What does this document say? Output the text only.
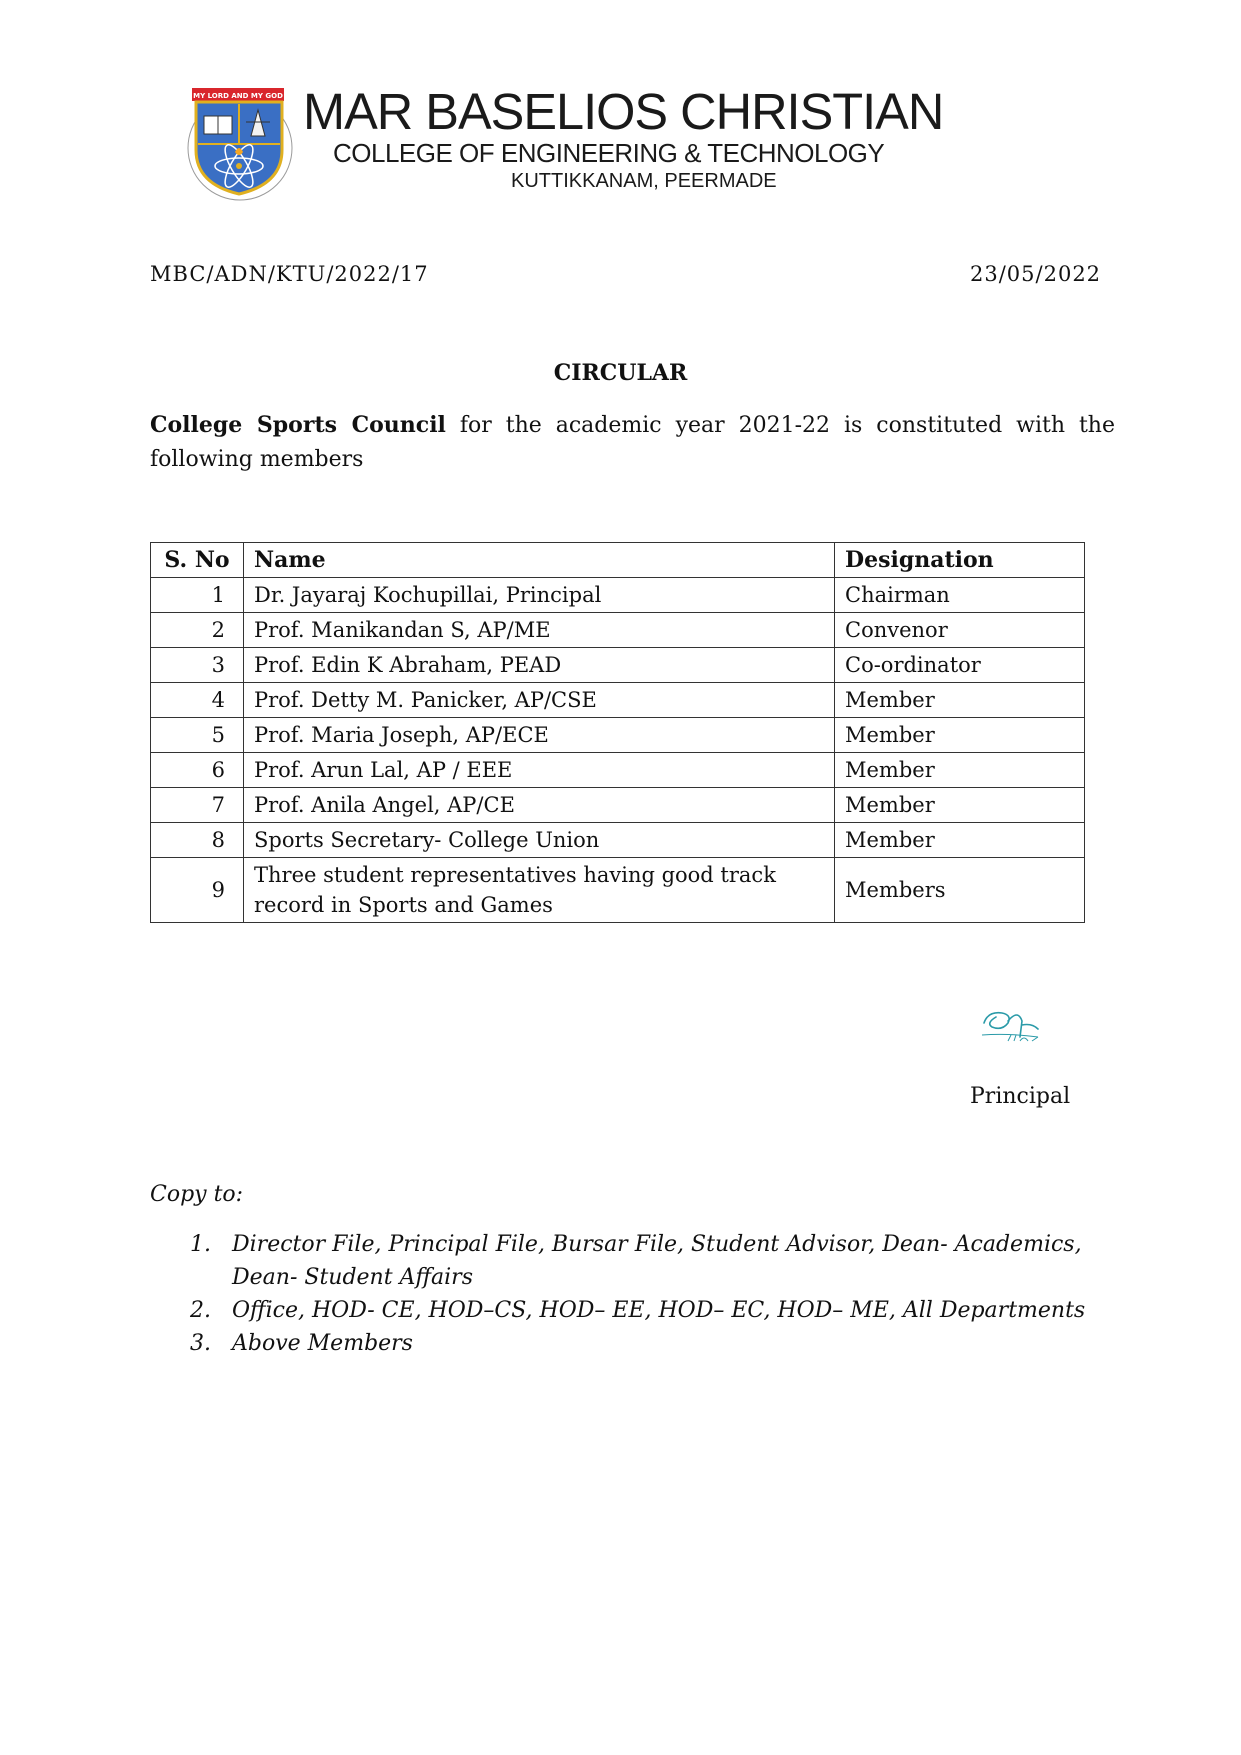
MY LORD AND MY GOD MAR BASELIOS CHRISTIAN
COLLEGE OF ENGINEERING & TECHNOLOGY
KUTTIKKANAM, PEERMADE
MBC/ADN/KTU/2022/17	23/05/2022
CIRCULAR
College Sports Council for the academic year 2021-22 is constituted with the following members
S. No	Name	Designation
1	Dr. Jayaraj Kochupillai, Principal	Chairman
2	Prof. Manikandan S, AP/ME	Convenor
3	Prof. Edin K Abraham, PEAD	Co-ordinator
4	Prof. Detty M. Panicker, AP/CSE	Member
5	Prof. Maria Joseph, AP/ECE	Member
6	Prof. Arun Lal, AP / EEE	Member
7	Prof. Anila Angel, AP/CE	Member
8	Sports Secretary- College Union	Member
9	Three student representatives having good track record in Sports and Games	Members
Principal
Copy to:
1. Director File, Principal File, Bursar File, Student Advisor, Dean- Academics, Dean- Student Affairs
2. Office, HOD- CE, HOD–CS, HOD– EE, HOD– EC, HOD– ME, All Departments
3. Above Members
